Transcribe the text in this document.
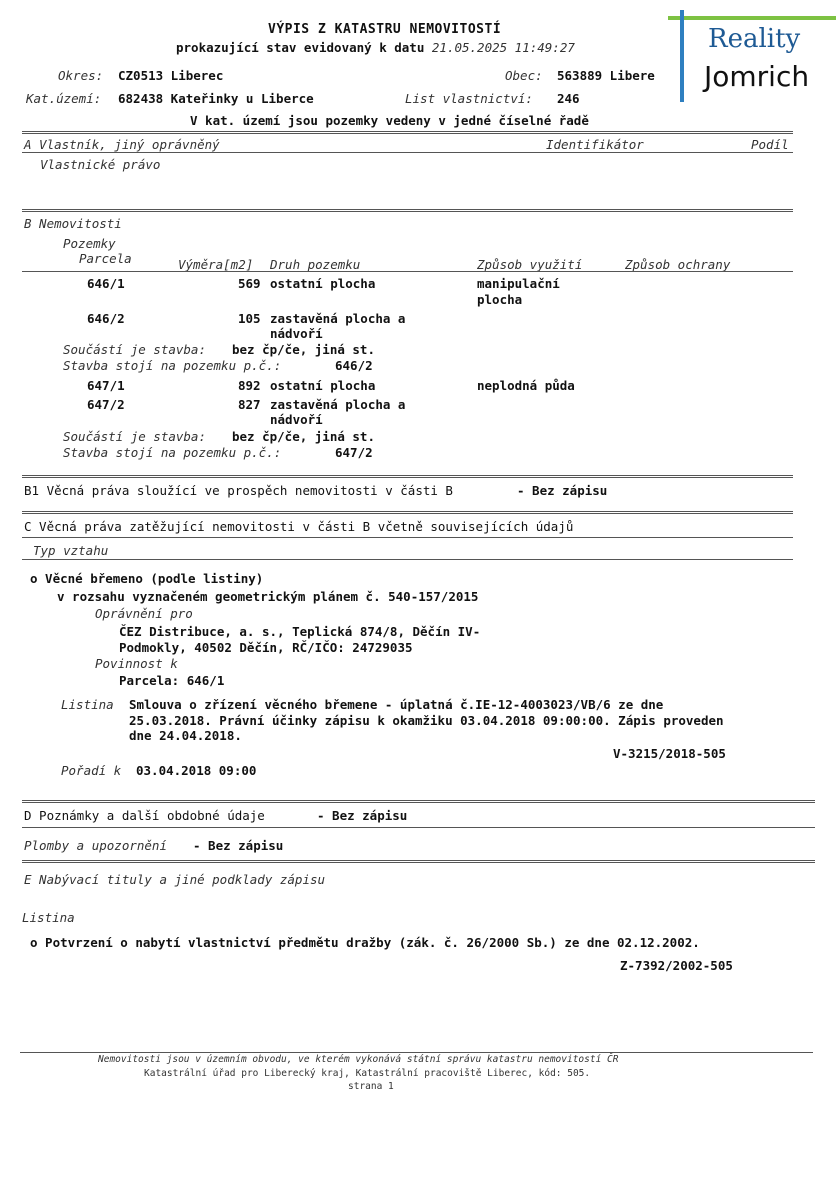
VÝPIS Z KATASTRU NEMOVITOSTÍ
prokazující stav evidovaný k datu 21.05.2025 11:49:27	Reality
Jomrich
Okres: CZ0513 Liberec	Obec: 563889 Libere
Kat.území: 682438 Kateřinky u Liberce	List vlastnictví: 246
V kat. území jsou pozemky vedeny v jedné číselné řadě
A Vlastník, jiný oprávněný	Identifikátor	Podíl
Vlastnické právo
B Nemovitosti
Pozemky
Parcela	Výměra[m2] Druh pozemku	Způsob využití	Způsob ochrany
646/1	569 ostatní plocha	manipulační
plocha
646/2	105 zastavěná plocha a
nádvoří
Součástí je stavba: bez čp/če, jiná st.
Stavba stojí na pozemku p.č.:	646/2
647/1	892 ostatní plocha	neplodná půda
647/2	827 zastavěná plocha a
nádvoří
Součástí je stavba: bez čp/če, jiná st.
Stavba stojí na pozemku p.č.:	647/2
B1 Věcná práva sloužící ve prospěch nemovitosti v části B	- Bez zápisu
C Věcná práva zatěžující nemovitosti v části B včetně souvisejících údajů
Typ vztahu
o Věcné břemeno (podle listiny)
v rozsahu vyznačeném geometrickým plánem č. 540-157/2015
Oprávnění pro
ČEZ Distribuce, a. s., Teplická 874/8, Děčín IV-
Podmokly, 40502 Děčín, RČ/IČO: 24729035
Povinnost k
Parcela: 646/1
Listina Smlouva o zřízení věcného břemene - úplatná č.IE-12-4003023/VB/6 ze dne
25.03.2018. Právní účinky zápisu k okamžiku 03.04.2018 09:00:00. Zápis proveden
dne 24.04.2018.
V-3215/2018-505
Pořadí k 03.04.2018 09:00
D Poznámky a další obdobné údaje	- Bez zápisu
Plomby a upozornění - Bez zápisu
E Nabývací tituly a jiné podklady zápisu
Listina
o Potvrzení o nabytí vlastnictví předmětu dražby (zák. č. 26/2000 Sb.) ze dne 02.12.2002.
Z-7392/2002-505
Nemovitosti jsou v územním obvodu, ve kterém vykonává státní správu katastru nemovitostí ČR
Katastrální úřad pro Liberecký kraj, Katastrální pracoviště Liberec, kód: 505.
strana 1
